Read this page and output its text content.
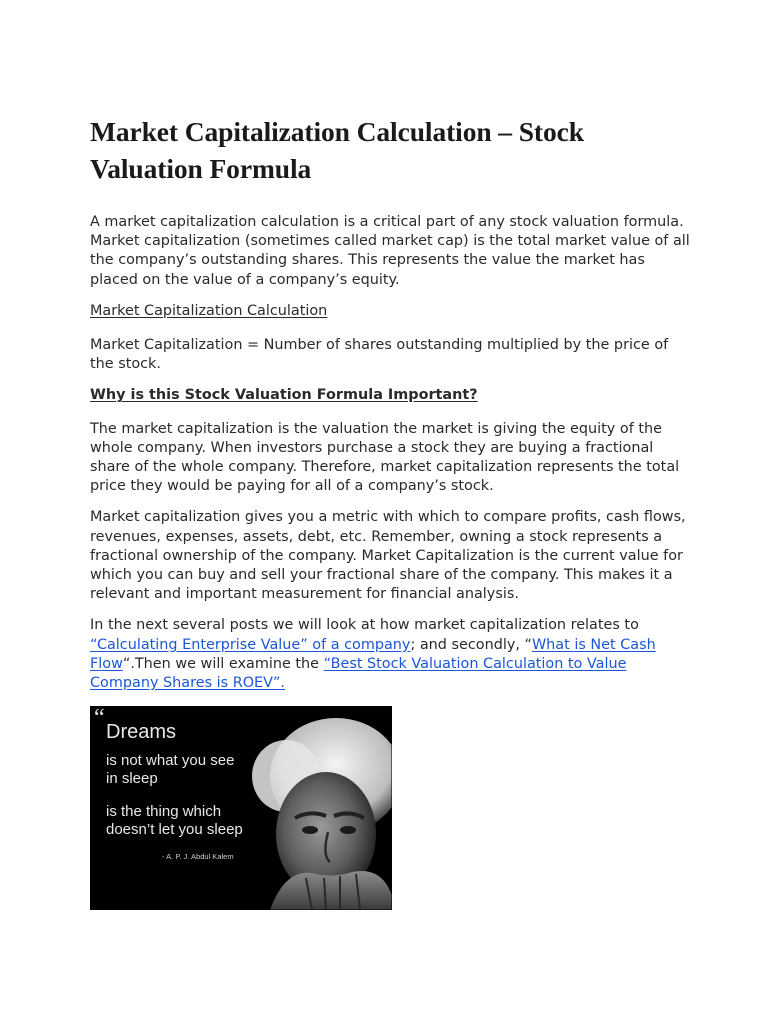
Market Capitalization Calculation – Stock Valuation Formula

A market capitalization calculation is a critical part of any stock valuation formula. Market capitalization (sometimes called market cap) is the total market value of all the company’s outstanding shares. This represents the value the market has placed on the value of a company’s equity.

Market Capitalization Calculation

Market Capitalization = Number of shares outstanding multiplied by the price of the stock.

Why is this Stock Valuation Formula Important?

The market capitalization is the valuation the market is giving the equity of the whole company. When investors purchase a stock they are buying a fractional share of the whole company. Therefore, market capitalization represents the total price they would be paying for all of a company’s stock.

Market capitalization gives you a metric with which to compare profits, cash flows, revenues, expenses, assets, debt, etc. Remember, owning a stock represents a fractional ownership of the company. Market Capitalization is the current value for which you can buy and sell your fractional share of the company. This makes it a relevant and important measurement for financial analysis.

In the next several posts we will look at how market capitalization relates to “Calculating Enterprise Value” of a company; and secondly, “What is Net Cash Flow“.Then we will examine the “Best Stock Valuation Calculation to Value Company Shares is ROEV”.

“
Dreams
is not what you see
in sleep
is the thing which
doesn’t let you sleep
- A. P. J. Abdul Kalem
